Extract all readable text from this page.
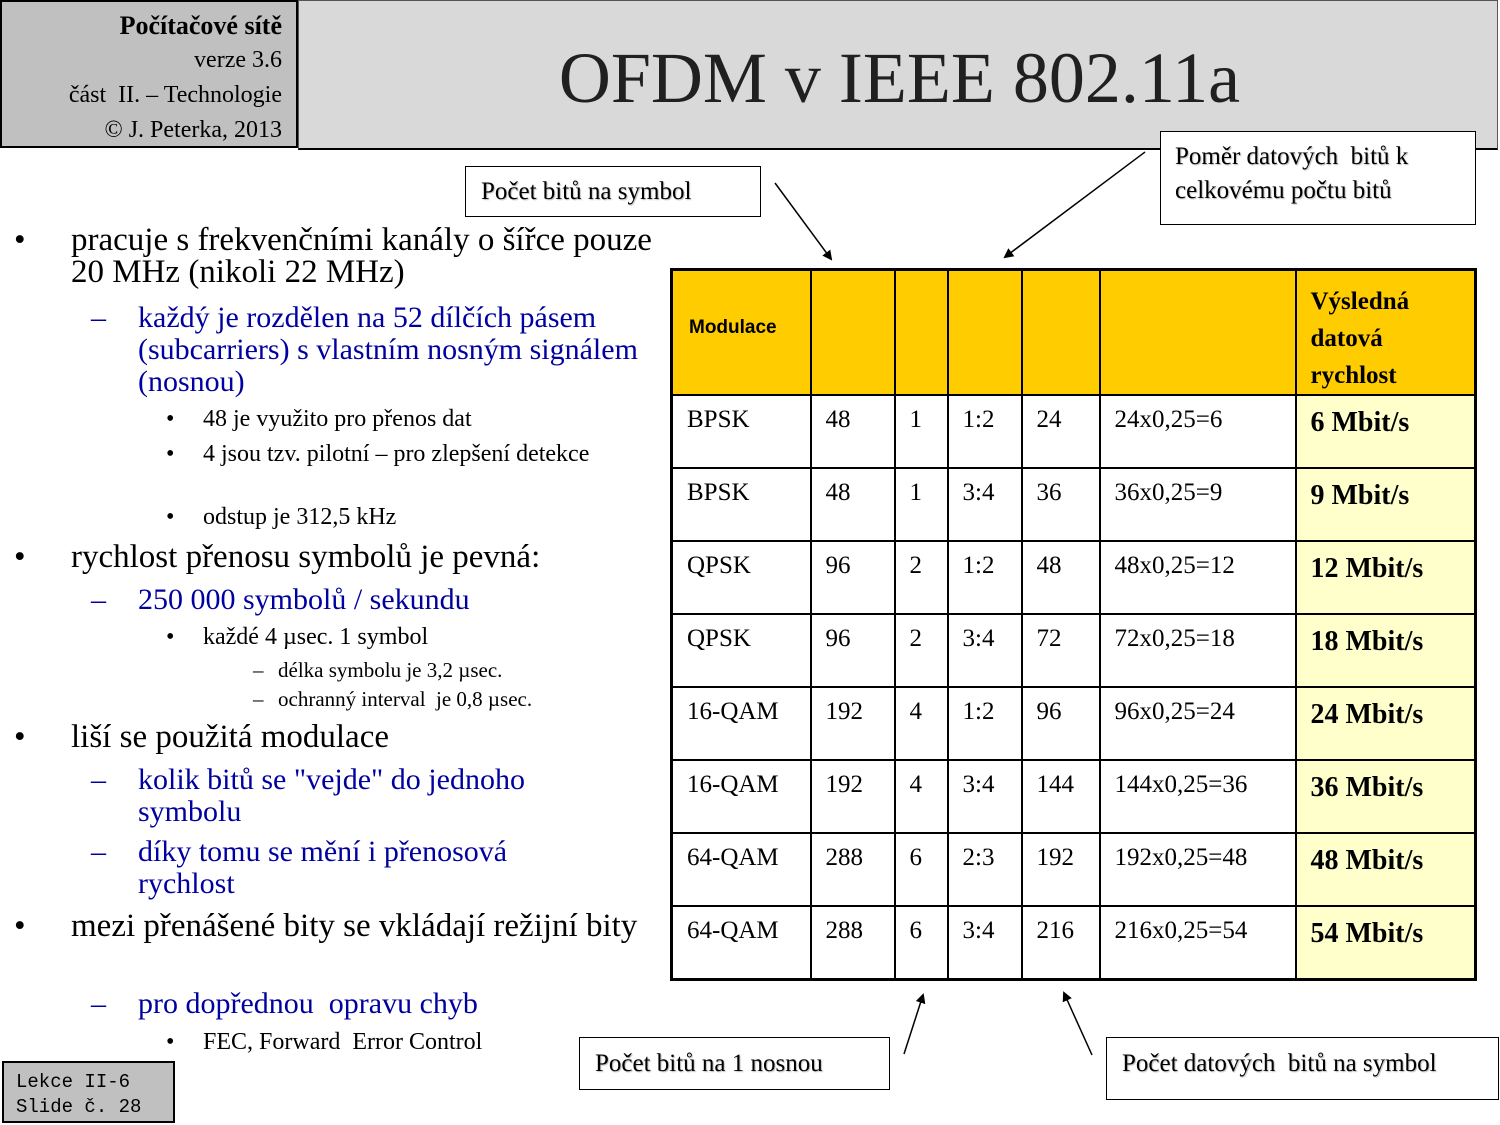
Počítačové sítě
verze 3.6
část  II. – Technologie
© J. Peterka, 2013
OFDM v IEEE 802.11a
Počet bitů na symbol
Poměr datových  bitů k
celkovému počtu bitů
Počet bitů na 1 nosnou	Počet datových  bitů na symbol
• pracuje s frekvenčními kanály o šířce pouze 20 MHz (nikoli 22 MHz)
– každý je rozdělen na 52 dílčích pásem (subcarriers) s vlastním nosným signálem (nosnou)
• 48 je využito pro přenos dat
• 4 jsou tzv. pilotní – pro zlepšení detekce
• odstup je 312,5 kHz
• rychlost přenosu symbolů je pevná:
– 250 000 symbolů / sekundu
• každé 4 µsec. 1 symbol
– délka symbolu je 3,2 µsec.
– ochranný interval  je 0,8 µsec.
• liší se použitá modulace
– kolik bitů se "vejde" do jednoho symbolu
– díky tomu se mění i přenosová rychlost
• mezi přenášené bity se vkládají režijní bity
– pro dopřednou  opravu chyb
• FEC, Forward  Error Control
Modulace						Výsledná datová rychlost

BPSK	48	1	1:2	24	24x0,25=6	6 Mbit/s

BPSK	48	1	3:4	36	36x0,25=9	9 Mbit/s

QPSK	96	2	1:2	48	48x0,25=12	12 Mbit/s

QPSK	96	2	3:4	72	72x0,25=18	18 Mbit/s

16-QAM	192	4	1:2	96	96x0,25=24	24 Mbit/s

16-QAM	192	4	3:4	144	144x0,25=36	36 Mbit/s

64-QAM	288	6	2:3	192	192x0,25=48	48 Mbit/s

64-QAM	288	6	3:4	216	216x0,25=54	54 Mbit/s
Lekce II-6
Slide č. 28
